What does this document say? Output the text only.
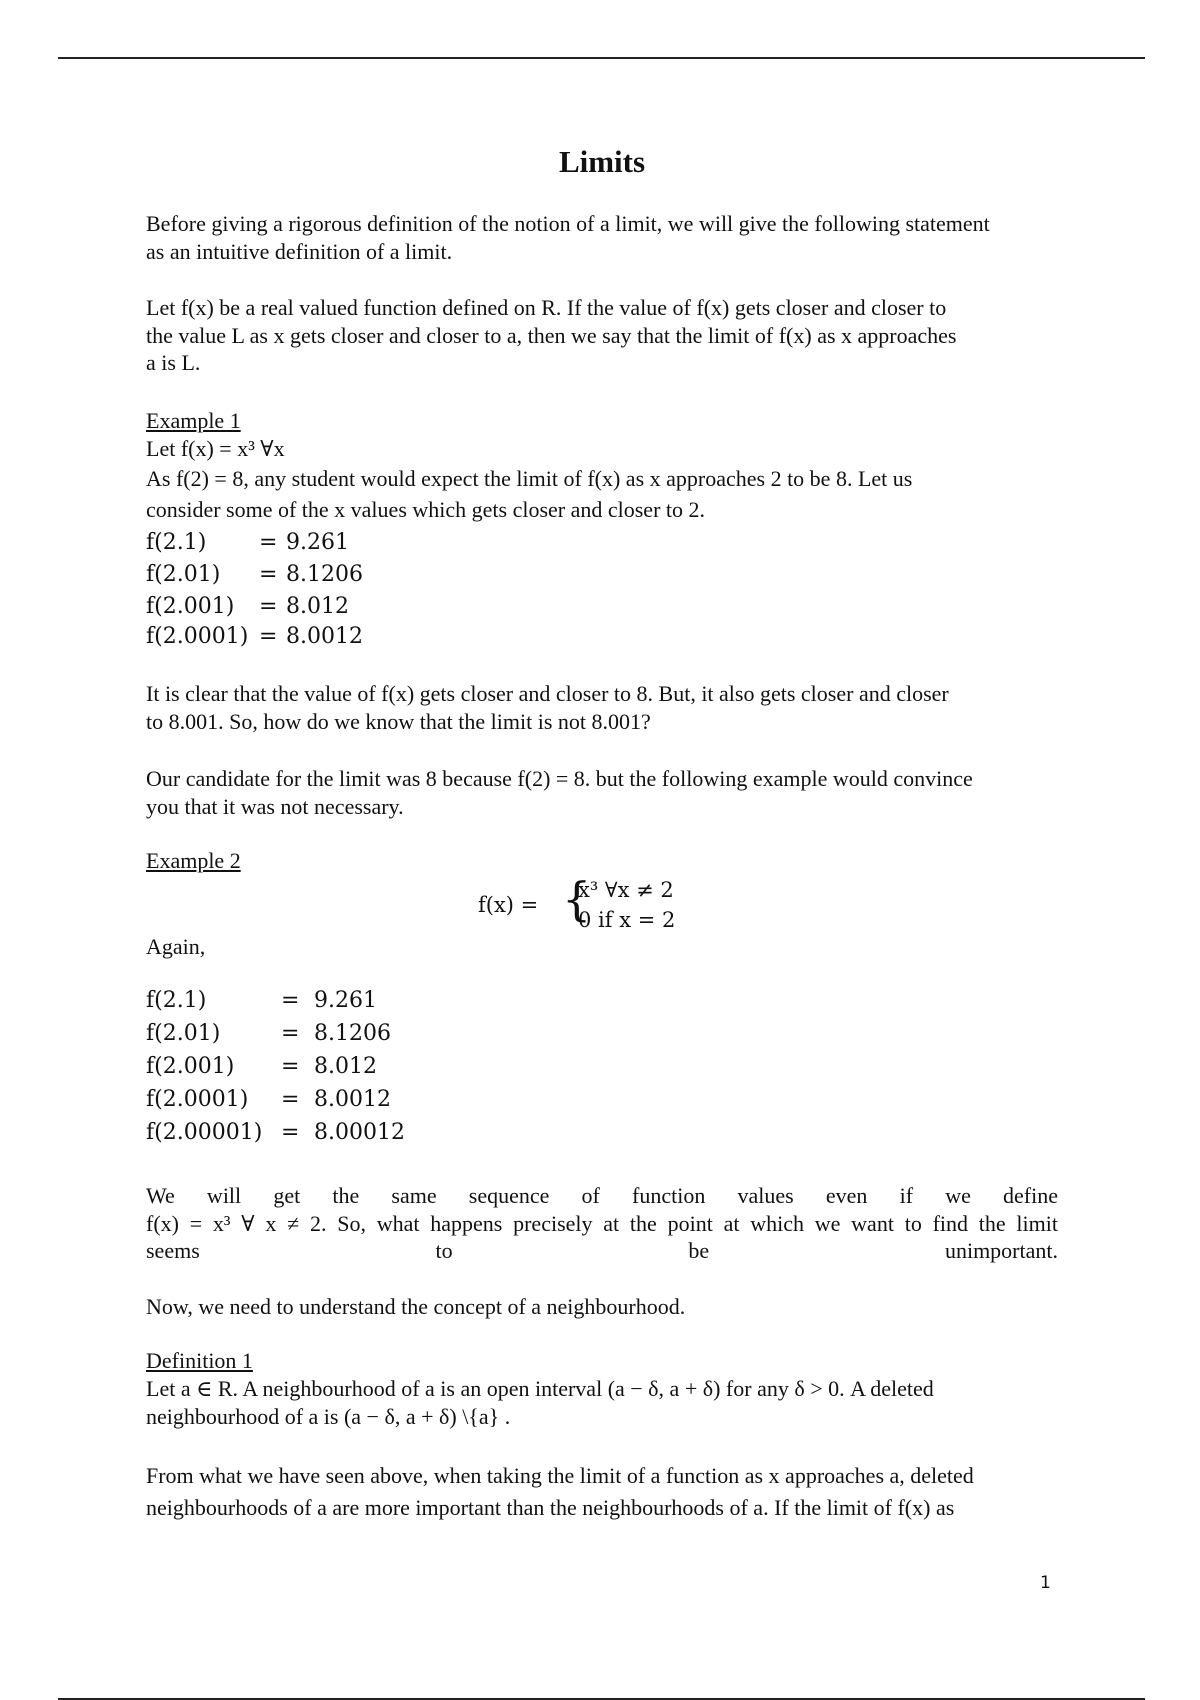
Limits
Before giving a rigorous definition of the notion of a limit, we will give the following statement
as an intuitive definition of a limit.
Let f(x) be a real valued function defined on R. If the value of f(x) gets closer and closer to
the value L as x gets closer and closer to a, then we say that the limit of f(x) as x approaches
a is L.
Example 1
Let f(x) = x³ ∀x
As f(2) = 8, any student would expect the limit of f(x) as x approaches 2 to be 8. Let us
consider some of the x values which gets closer and closer to 2.
f(2.1) = 9.261
f(2.01) = 8.1206
f(2.001) = 8.012
f(2.0001) = 8.0012
It is clear that the value of f(x) gets closer and closer to 8. But, it also gets closer and closer
to 8.001. So, how do we know that the limit is not 8.001?
Our candidate for the limit was 8 because f(2) = 8. but the following example would convince
you that it was not necessary.
Example 2
Again,
f(2.1)	= 9.261
f(2.01)	= 8.1206
f(2.001) = 8.012
f(2.0001) = 8.0012
f(2.00001) = 8.00012
We will get the same sequence of function values even if we define
f(x) = x³ ∀ x ≠ 2. So, what happens precisely at the point at which we want to find the limit
seems to be unimportant.
Now, we need to understand the concept of a neighbourhood.
Definition 1
Let a ∈ R. A neighbourhood of a is an open interval (a − δ, a + δ) for any δ > 0. A deleted
neighbourhood of a is (a − δ, a + δ) \{a} .
From what we have seen above, when taking the limit of a function as x approaches a, deleted
neighbourhoods of a are more important than the neighbourhoods of a. If the limit of f(x) as
f(x) = {
x³ ∀x ≠ 2
0 if x = 2
1
